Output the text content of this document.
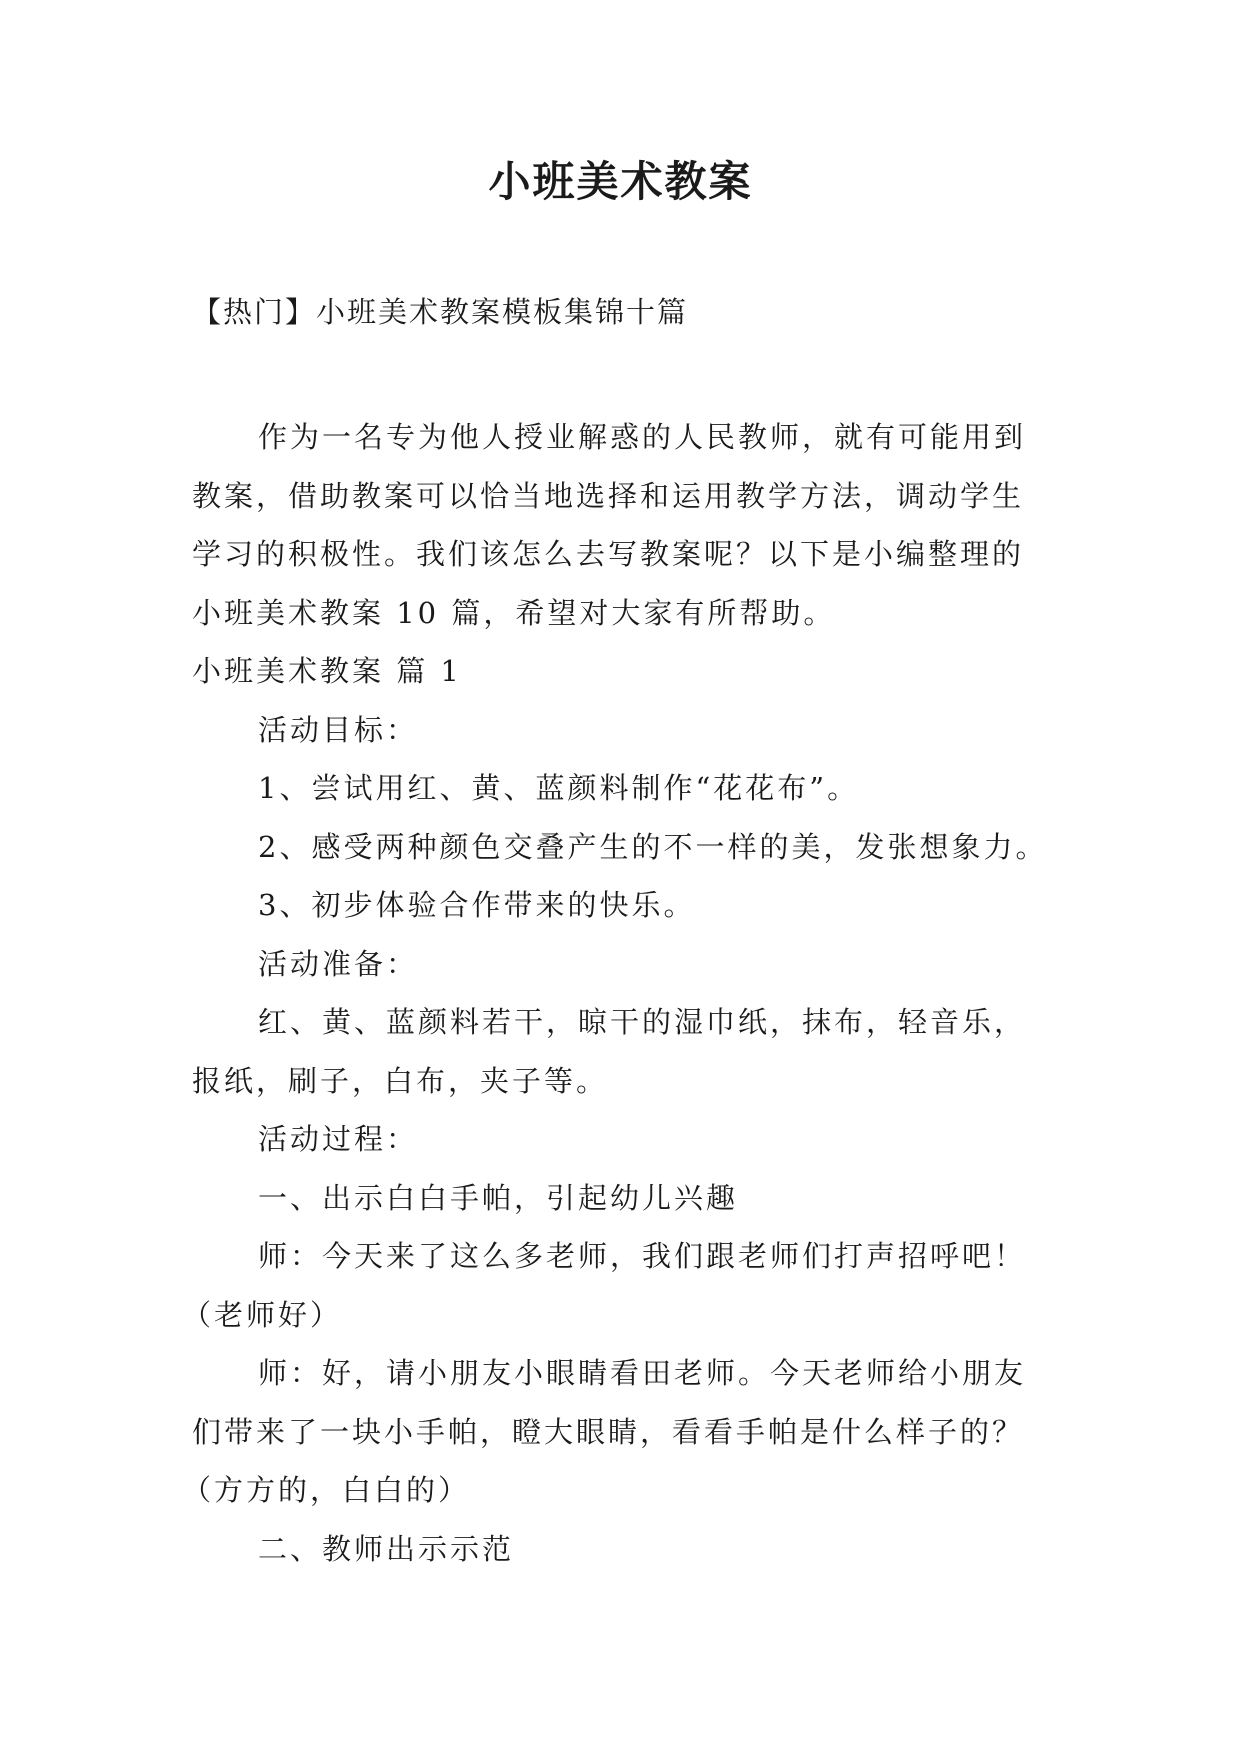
小班美术教案
【热门】小班美术教案模板集锦十篇
作为一名专为他人授业解惑的人民教师，就有可能用到
教案，借助教案可以恰当地选择和运用教学方法，调动学生
学习的积极性。我们该怎么去写教案呢？以下是小编整理的
小班美术教案 10 篇，希望对大家有所帮助。
小班美术教案 篇 1
活动目标：
1、尝试用红、黄、蓝颜料制作“花花布”。
2、感受两种颜色交叠产生的不一样的美，发张想象力。
3、初步体验合作带来的快乐。
活动准备：
红、黄、蓝颜料若干，晾干的湿巾纸，抹布，轻音乐，
报纸，刷子，白布，夹子等。
活动过程：
一、出示白白手帕，引起幼儿兴趣
师：今天来了这么多老师，我们跟老师们打声招呼吧！
（老师好）
师：好，请小朋友小眼睛看田老师。今天老师给小朋友
们带来了一块小手帕，瞪大眼睛，看看手帕是什么样子的？
（方方的，白白的）
二、教师出示示范
